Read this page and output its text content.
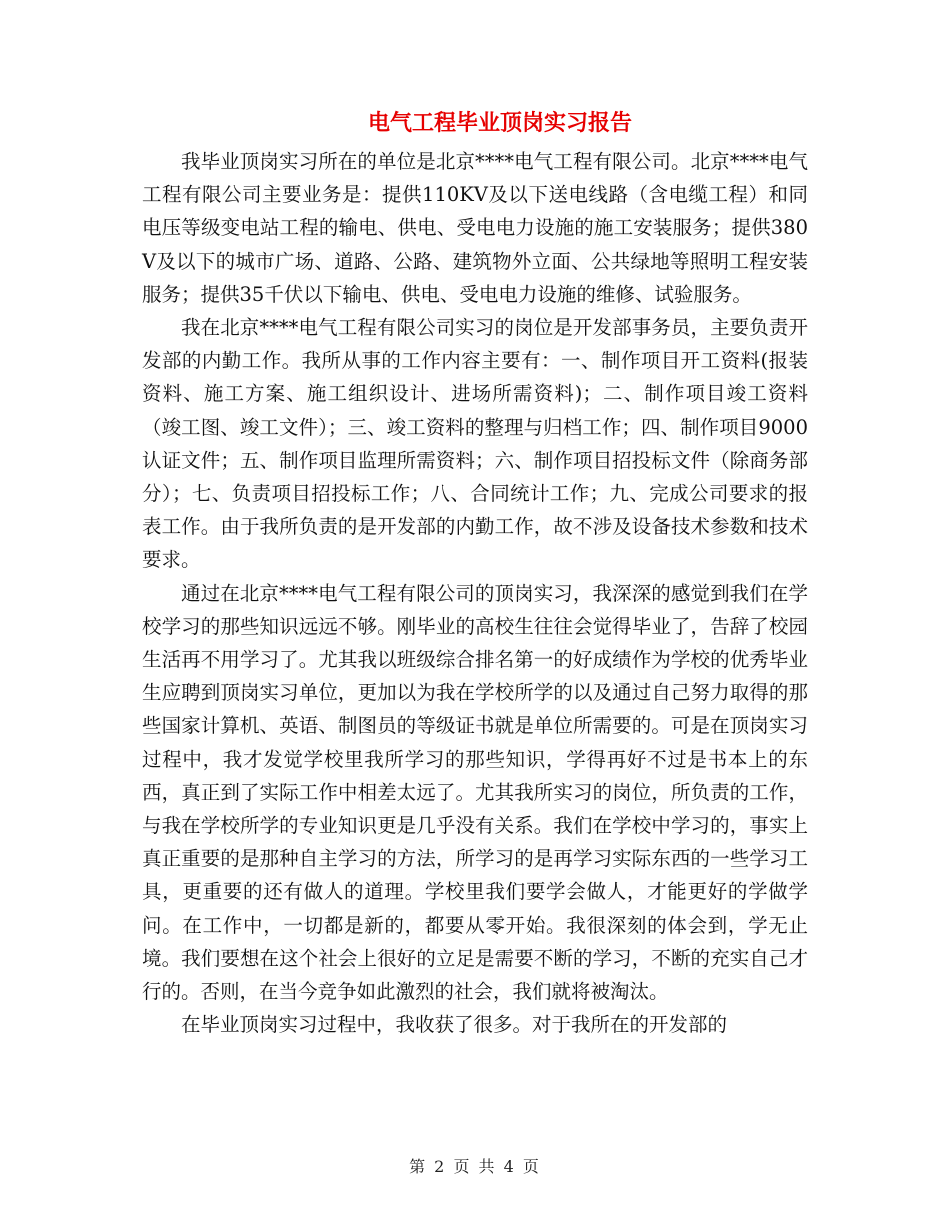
电气工程毕业顶岗实习报告

我毕业顶岗实习所在的单位是北京****电气工程有限公司。北京****电气工程有限公司主要业务是：提供110KV及以下送电线路（含电缆工程）和同电压等级变电站工程的输电、供电、受电电力设施的施工安装服务；提供380V及以下的城市广场、道路、公路、建筑物外立面、公共绿地等照明工程安装服务；提供35千伏以下输电、供电、受电电力设施的维修、试验服务。

我在北京****电气工程有限公司实习的岗位是开发部事务员，主要负责开发部的内勤工作。我所从事的工作内容主要有：一、制作项目开工资料(报装资料、施工方案、施工组织设计、进场所需资料)；二、制作项目竣工资料（竣工图、竣工文件）；三、竣工资料的整理与归档工作；四、制作项目9000认证文件；五、制作项目监理所需资料；六、制作项目招投标文件（除商务部分）；七、负责项目招投标工作；八、合同统计工作；九、完成公司要求的报表工作。由于我所负责的是开发部的内勤工作，故不涉及设备技术参数和技术要求。

通过在北京****电气工程有限公司的顶岗实习，我深深的感觉到我们在学校学习的那些知识远远不够。刚毕业的高校生往往会觉得毕业了，告辞了校园生活再不用学习了。尤其我以班级综合排名第一的好成绩作为学校的优秀毕业生应聘到顶岗实习单位，更加以为我在学校所学的以及通过自己努力取得的那些国家计算机、英语、制图员的等级证书就是单位所需要的。可是在顶岗实习过程中，我才发觉学校里我所学习的那些知识，学得再好不过是书本上的东西，真正到了实际工作中相差太远了。尤其我所实习的岗位，所负责的工作，与我在学校所学的专业知识更是几乎没有关系。我们在学校中学习的，事实上真正重要的是那种自主学习的方法，所学习的是再学习实际东西的一些学习工具，更重要的还有做人的道理。学校里我们要学会做人，才能更好的学做学问。在工作中，一切都是新的，都要从零开始。我很深刻的体会到，学无止境。我们要想在这个社会上很好的立足是需要不断的学习，不断的充实自己才行的。否则，在当今竞争如此激烈的社会，我们就将被淘汰。

在毕业顶岗实习过程中，我收获了很多。对于我所在的开发部的

第 2 页 共 4 页
